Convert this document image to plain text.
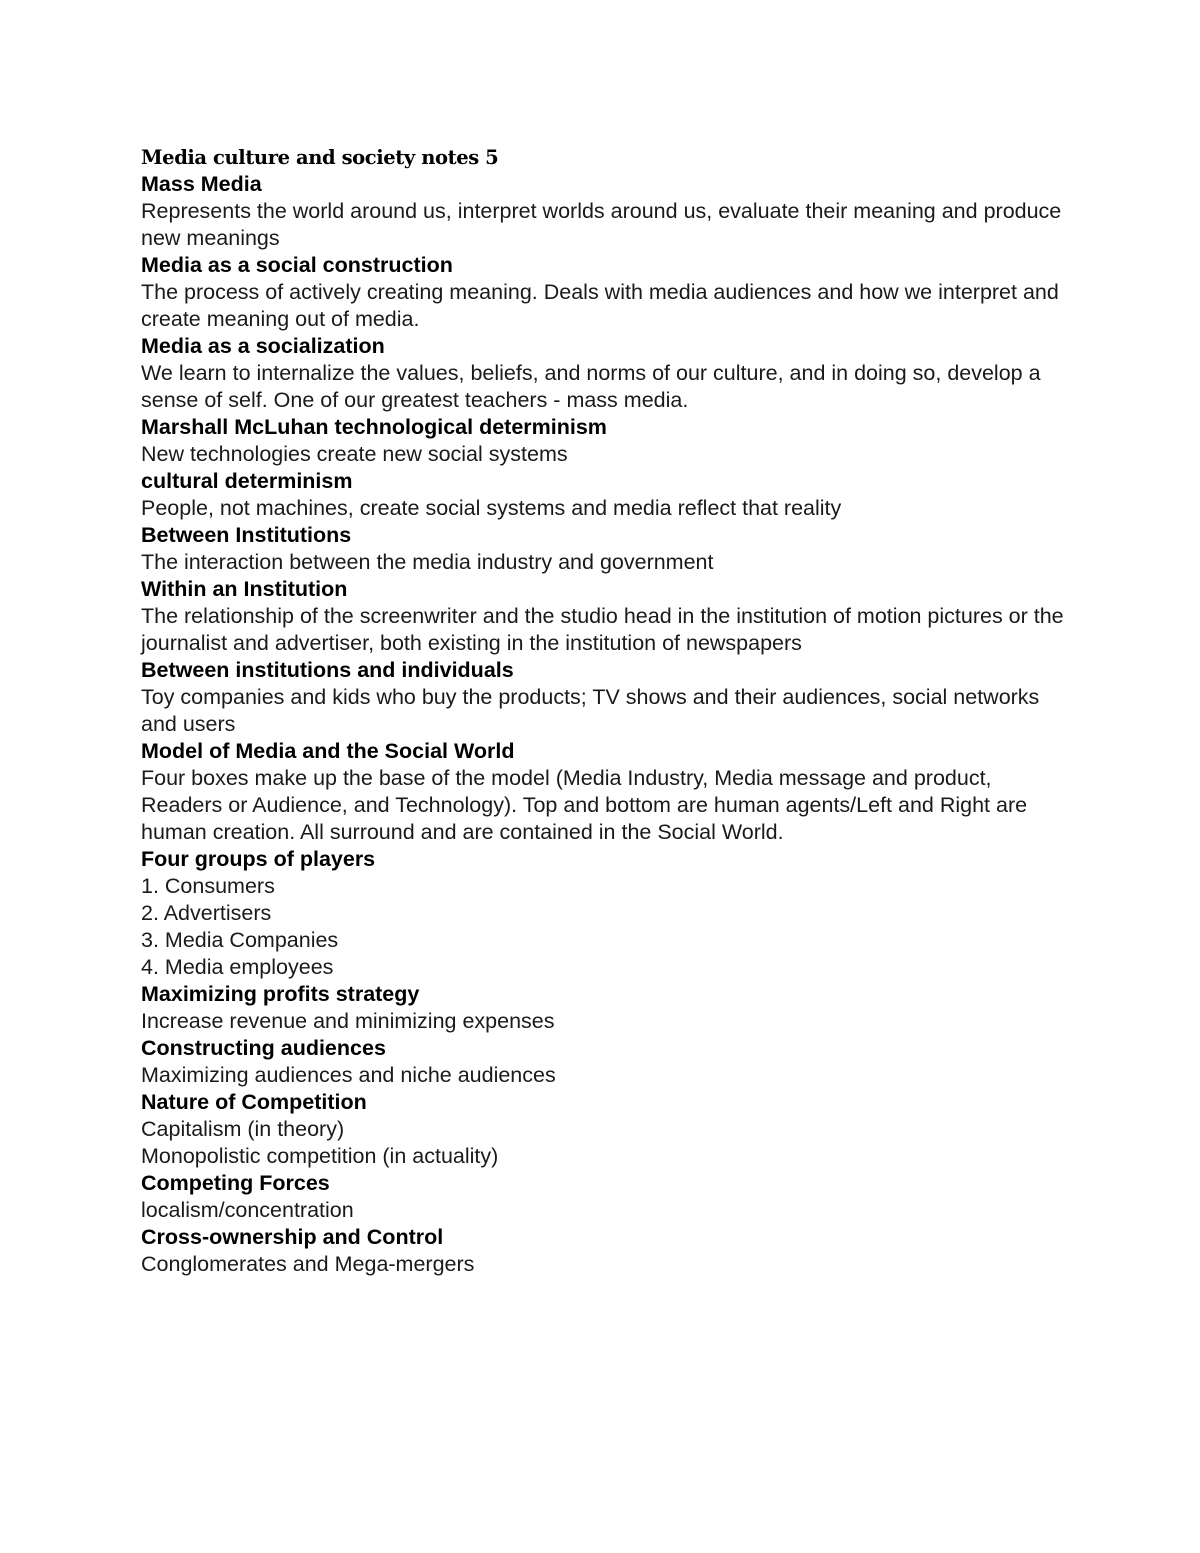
Media culture and society notes 5
Mass Media
Represents the world around us, interpret worlds around us, evaluate their meaning and produce new meanings
Media as a social construction
The process of actively creating meaning. Deals with media audiences and how we interpret and create meaning out of media.
Media as a socialization
We learn to internalize the values, beliefs, and norms of our culture, and in doing so, develop a sense of self. One of our greatest teachers - mass media.
Marshall McLuhan technological determinism
New technologies create new social systems
cultural determinism
People, not machines, create social systems and media reflect that reality
Between Institutions
The interaction between the media industry and government
Within an Institution
The relationship of the screenwriter and the studio head in the institution of motion pictures or the journalist and advertiser, both existing in the institution of newspapers
Between institutions and individuals
Toy companies and kids who buy the products; TV shows and their audiences, social networks and users
Model of Media and the Social World
Four boxes make up the base of the model (Media Industry, Media message and product, Readers or Audience, and Technology). Top and bottom are human agents/Left and Right are human creation. All surround and are contained in the Social World.
Four groups of players
1. Consumers
2. Advertisers
3. Media Companies
4. Media employees
Maximizing profits strategy
Increase revenue and minimizing expenses
Constructing audiences
Maximizing audiences and niche audiences
Nature of Competition
Capitalism (in theory)
Monopolistic competition (in actuality)
Competing Forces
localism/concentration
Cross-ownership and Control
Conglomerates and Mega-mergers
